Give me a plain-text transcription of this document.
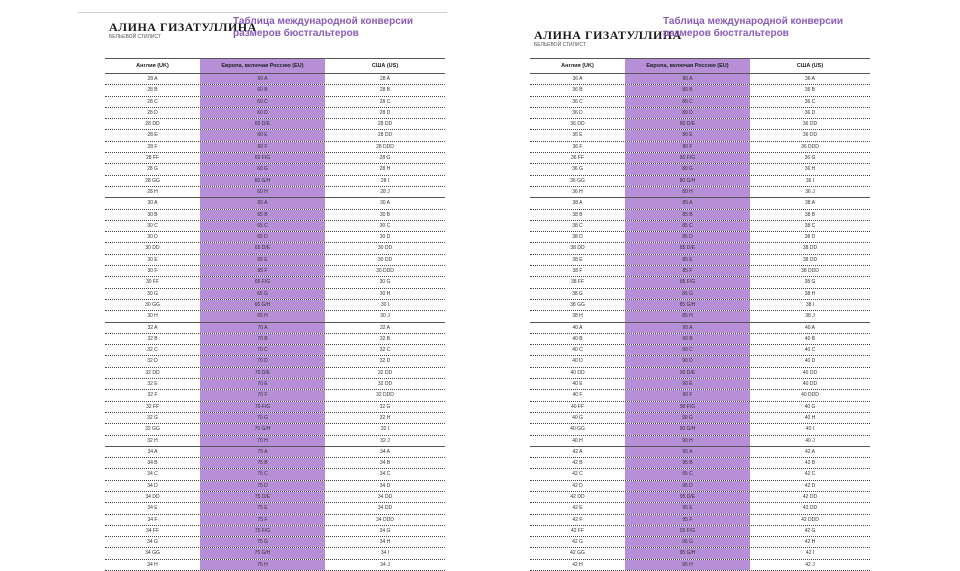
АЛИНА ГИЗАТУЛЛИНА
БЕЛЬЕВОЙ СТИЛИСТ
Таблица международной конверсии
размеров бюстгальтеров
Англия (UK)	Европа, включая Россию (EU)	США (US)
28 A	60 A	28 A
28 B	60 B	28 B
28 C	60 C	28 C
28 D	60 D	28 D
28 DD	60 D/E	28 DD
28 E	60 E	28 DD
28 F	60 F	28 DDD
28 FF	60 F/G	28 G
28 G	60 G	28 H
28 GG	60 G/H	28 I
28 H	60 H	28 J
30 A	65 A	30 A
30 B	65 B	30 B
30 C	65 C	30 C
30 D	65 D	30 D
30 DD	65 D/E	30 DD
30 E	65 E	30 DD
30 F	65 F	30 DDD
30 FF	65 F/G	30 G
30 G	65 G	30 H
30 GG	65 G/H	30 I
30 H	65 H	30 J
32 A	70 A	32 A
32 B	70 B	32 B
32 C	70 C	32 C
32 D	70 D	32 D
32 DD	70 D/E	32 DD
32 E	70 E	32 DD
32 F	70 F	32 DDD
32 FF	70 F/G	32 G
32 G	70 G	32 H
32 GG	70 G/H	32 I
32 H	70 H	32 J
34 A	75 A	34 A
34 B	75 B	34 B
34 C	75 C	34 C
34 D	75 D	34 D
34 DD	75 D/E	34 DD
34 E	75 E	34 DD
34 F	75 F	34 DDD
34 FF	75 F/G	34 G
34 G	75 G	34 H
34 GG	75 G/H	34 I
34 H	75 H	34 J
АЛИНА ГИЗАТУЛЛИНА
БЕЛЬЕВОЙ СТИЛИСТ
Таблица международной конверсии
размеров бюстгальтеров
Англия (UK)	Европа, включая Россию (EU)	США (US)
36 A	80 A	36 A
36 B	80 B	36 B
36 C	80 C	36 C
36 D	80 D	36 D
36 DD	80 D/E	36 DD
36 E	80 E	36 DD
36 F	80 F	36 DDD
36 FF	80 F/G	36 G
36 G	80 G	36 H
36 GG	80 G/H	36 I
36 H	80 H	36 J
38 A	85 A	38 A
38 B	85 B	38 B
38 C	85 C	38 C
38 D	85 D	38 D
38 DD	85 D/E	38 DD
38 E	85 E	38 DD
38 F	85 F	38 DDD
38 FF	85 F/G	38 G
38 G	85 G	38 H
38 GG	85 G/H	38 I
38 H	85 H	38 J
40 A	90 A	40 A
40 B	90 B	40 B
40 C	90 C	40 C
40 D	90 D	40 D
40 DD	90 D/E	40 DD
40 E	90 E	40 DD
40 F	90 F	40 DDD
40 FF	90 F/G	40 G
40 G	90 G	40 H
40 GG	90 G/H	40 I
40 H	90 H	40 J
42 A	95 A	42 A
42 B	95 B	42 B
42 C	95 C	42 C
42 D	95 D	42 D
42 DD	95 D/E	42 DD
42 E	95 E	42 DD
42 F	95 F	42 DDD
42 FF	95 F/G	42 G
42 G	95 G	42 H
42 GG	95 G/H	42 I
42 H	95 H	42 J
